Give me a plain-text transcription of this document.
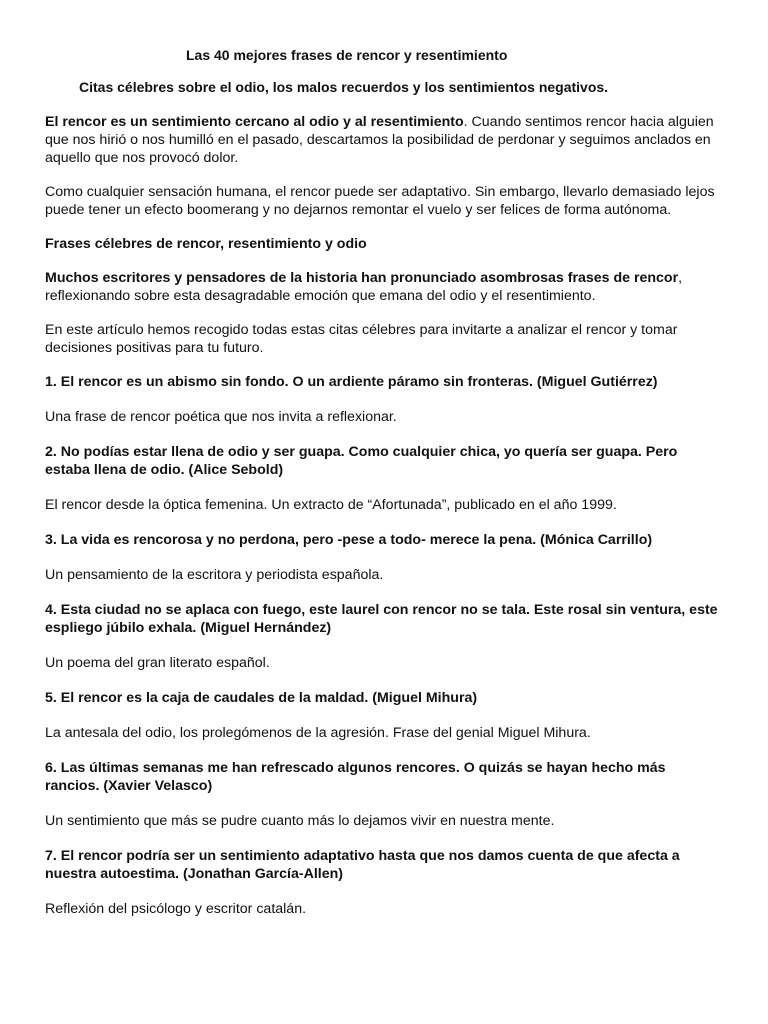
Las 40 mejores frases de rencor y resentimiento
Citas célebres sobre el odio, los malos recuerdos y los sentimientos negativos.

El rencor es un sentimiento cercano al odio y al resentimiento. Cuando sentimos rencor hacia alguien que nos hirió o nos humilló en el pasado, descartamos la posibilidad de perdonar y seguimos anclados en aquello que nos provocó dolor.

Como cualquier sensación humana, el rencor puede ser adaptativo. Sin embargo, llevarlo demasiado lejos puede tener un efecto boomerang y no dejarnos remontar el vuelo y ser felices de forma autónoma.

Frases célebres de rencor, resentimiento y odio

Muchos escritores y pensadores de la historia han pronunciado asombrosas frases de rencor, reflexionando sobre esta desagradable emoción que emana del odio y el resentimiento.

En este artículo hemos recogido todas estas citas célebres para invitarte a analizar el rencor y tomar decisiones positivas para tu futuro.

1. El rencor es un abismo sin fondo. O un ardiente páramo sin fronteras. (Miguel Gutiérrez)

Una frase de rencor poética que nos invita a reflexionar.

2. No podías estar llena de odio y ser guapa. Como cualquier chica, yo quería ser guapa. Pero estaba llena de odio. (Alice Sebold)

El rencor desde la óptica femenina. Un extracto de “Afortunada”, publicado en el año 1999.

3. La vida es rencorosa y no perdona, pero -pese a todo- merece la pena. (Mónica Carrillo)

Un pensamiento de la escritora y periodista española.

4. Esta ciudad no se aplaca con fuego, este laurel con rencor no se tala. Este rosal sin ventura, este espliego júbilo exhala. (Miguel Hernández)

Un poema del gran literato español.

5. El rencor es la caja de caudales de la maldad. (Miguel Mihura)

La antesala del odio, los prolegómenos de la agresión. Frase del genial Miguel Mihura.

6. Las últimas semanas me han refrescado algunos rencores. O quizás se hayan hecho más rancios. (Xavier Velasco)

Un sentimiento que más se pudre cuanto más lo dejamos vivir en nuestra mente.

7. El rencor podría ser un sentimiento adaptativo hasta que nos damos cuenta de que afecta a nuestra autoestima. (Jonathan García-Allen)

Reflexión del psicólogo y escritor catalán.
